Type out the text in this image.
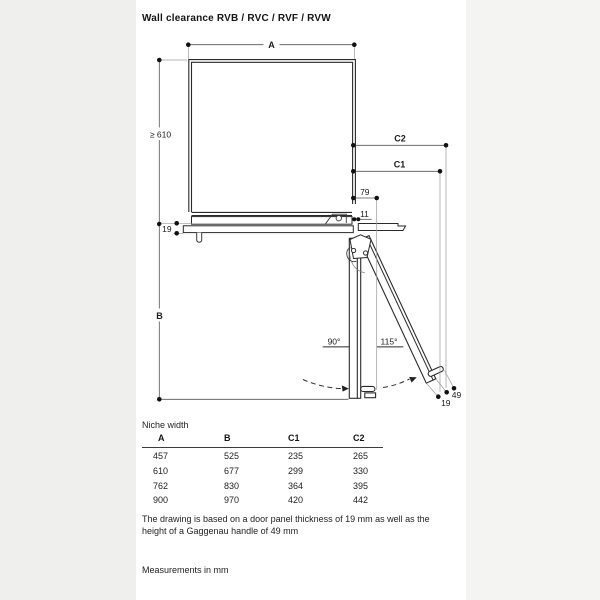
Wall clearance RVB / RVC / RVF / RVW
90°	115°
A
≥ 610
B
19
C2
C1
79
11
19
49
Niche width
A	B	C1	C2
457	525	235	265
610	677	299	330
762	830	364	395
900	970	420	442
The drawing is based on a door panel thickness of 19 mm as well as the
height of a Gaggenau handle of 49 mm
Measurements in mm
